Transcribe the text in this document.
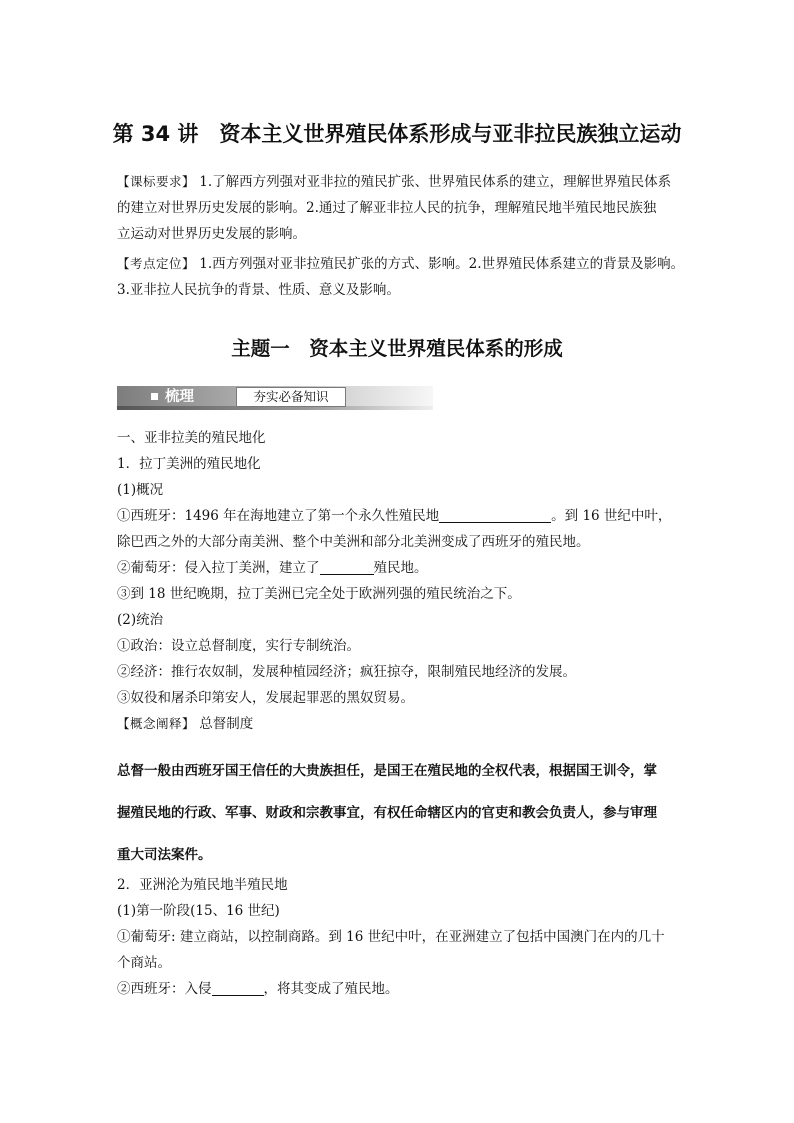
第 34 讲　资本主义世界殖民体系形成与亚非拉民族独立运动
【课标要求】 1.了解西方列强对亚非拉的殖民扩张、世界殖民体系的建立，理解世界殖民体系
的建立对世界历史发展的影响。2.通过了解亚非拉人民的抗争，理解殖民地半殖民地民族独
立运动对世界历史发展的影响。
【考点定位】 1.西方列强对亚非拉殖民扩张的方式、影响。2.世界殖民体系建立的背景及影响。
3.亚非拉人民抗争的背景、性质、意义及影响。
主题一　资本主义世界殖民体系的形成
梳理	夯实必备知识
一、亚非拉美的殖民地化
1．拉丁美洲的殖民地化
(1)概况
①西班牙：1496 年在海地建立了第一个永久性殖民地	。到 16 世纪中叶，
除巴西之外的大部分南美洲、整个中美洲和部分北美洲变成了西班牙的殖民地。
②葡萄牙：侵入拉丁美洲，建立了	殖民地。
③到 18 世纪晚期，拉丁美洲已完全处于欧洲列强的殖民统治之下。
(2)统治
①政治：设立总督制度，实行专制统治。
②经济：推行农奴制，发展种植园经济；疯狂掠夺，限制殖民地经济的发展。
③奴役和屠杀印第安人，发展起罪恶的黑奴贸易。
【概念阐释】 总督制度
总督一般由西班牙国王信任的大贵族担任，是国王在殖民地的全权代表，根据国王训令，掌
握殖民地的行政、军事、财政和宗教事宜，有权任命辖区内的官吏和教会负责人，参与审理
重大司法案件。
2．亚洲沦为殖民地半殖民地
(1)第一阶段(15、16 世纪)
①葡萄牙: 建立商站，以控制商路。到 16 世纪中叶，在亚洲建立了包括中国澳门在内的几十
个商站。
②西班牙：入侵	，将其变成了殖民地。
